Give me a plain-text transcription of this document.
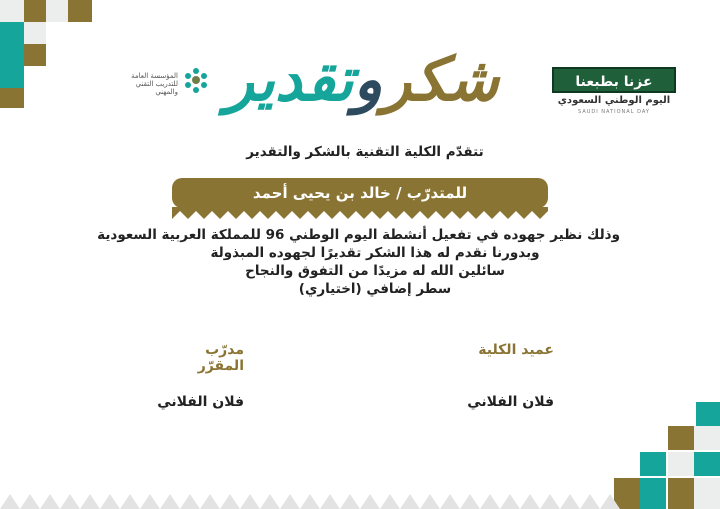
عزنا بطبعنا
اليوم الوطني السعودي
SAUDI NATIONAL DAY
المؤسسة العامة
للتدريب التقني والمهني	شكروتقدير
تتقدّم الكلية التقنية بالشكر والتقدير
للمتدرّب / خالد بن يحيى أحمد
وذلك نظير جهوده في تفعيل أنشطة اليوم الوطني 96 للمملكة العربية السعودية
وبدورنا نقدم له هذا الشكر تقديرًا لجهوده المبذولة
سائلين الله له مزيدًا من التفوق والنجاح
سطر إضافي (اختياري)
عميد الكلية
فلان الفلاني
مدرّب المقرّر
فلان الفلاني
